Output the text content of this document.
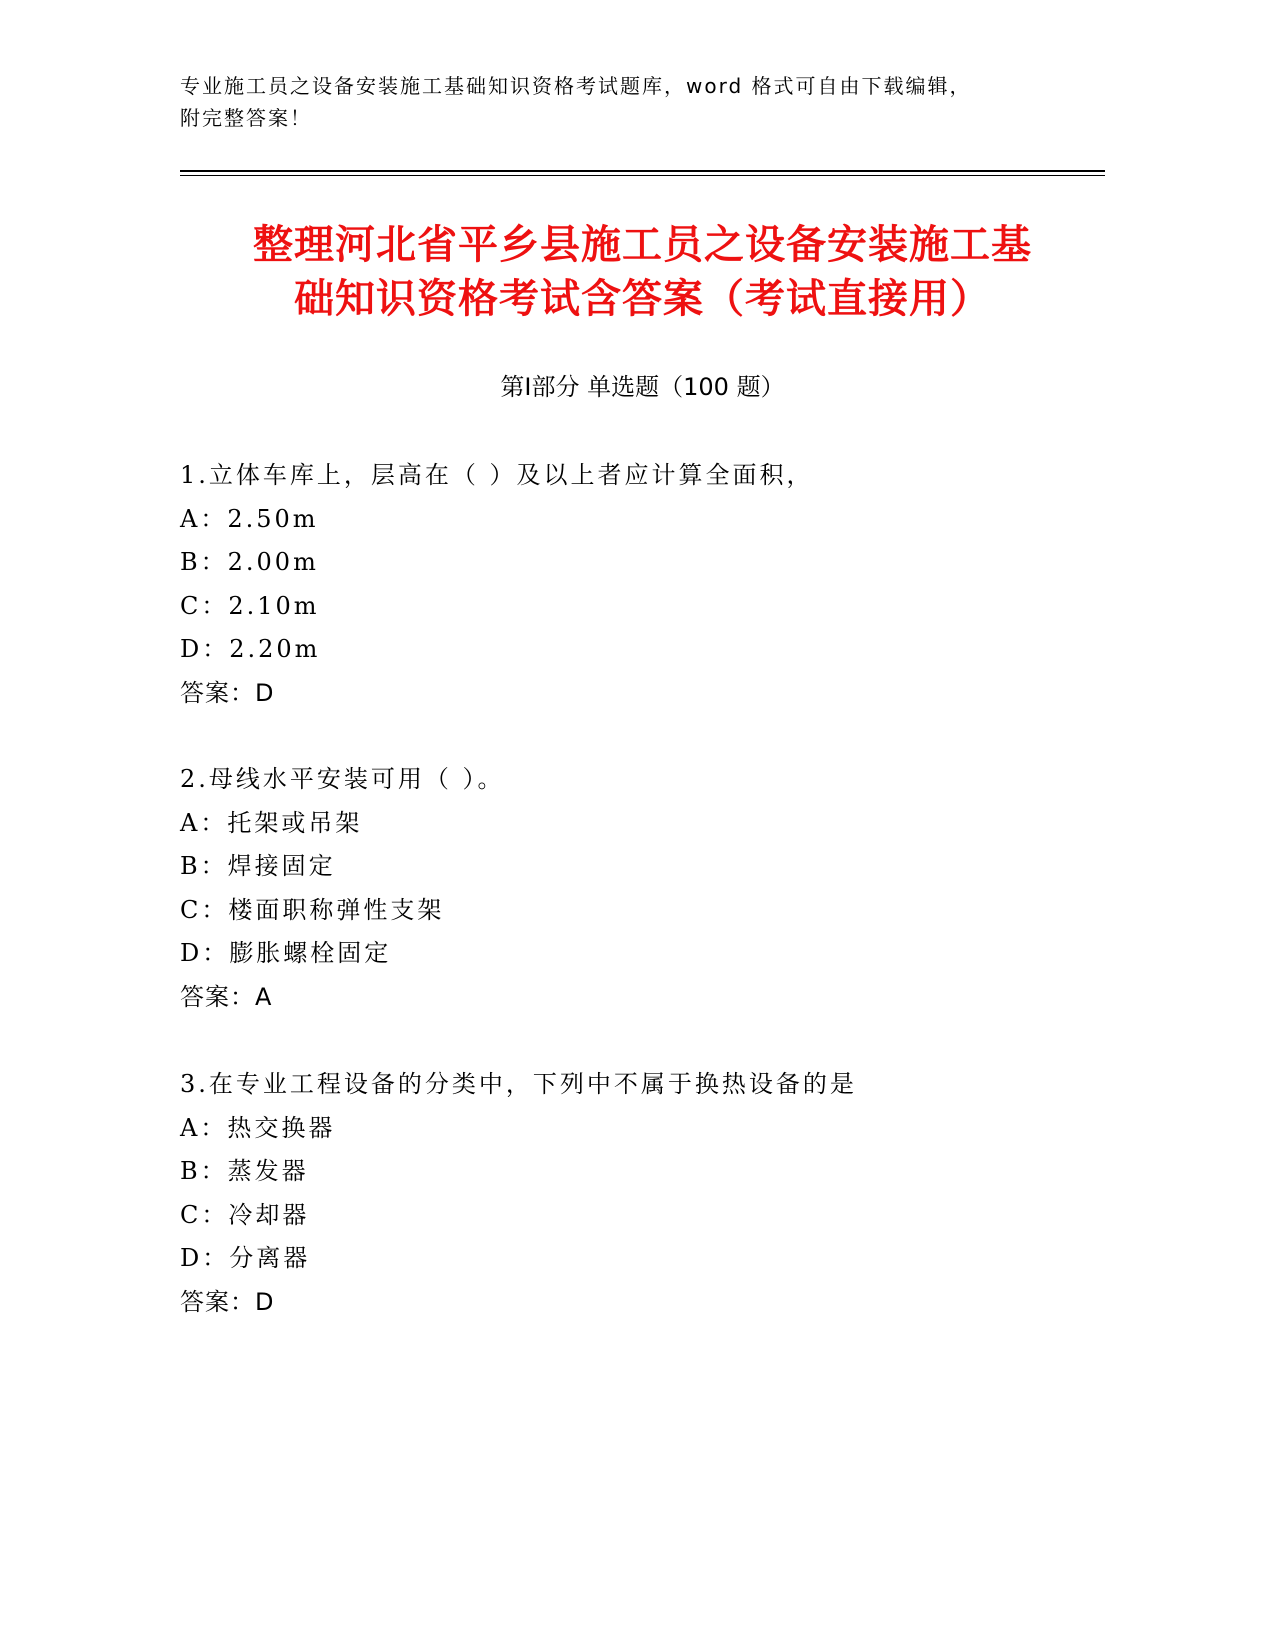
专业施工员之设备安装施工基础知识资格考试题库，word 格式可自由下载编辑，
附完整答案！
整理河北省平乡县施工员之设备安装施工基
础知识资格考试含答案（考试直接用）
第Ⅰ部分 单选题（100 题）
1.立体车库上，层高在（ ）及以上者应计算全面积，
A：2.50m
B：2.00m
C：2.10m
D：2.20m
答案：D
2.母线水平安装可用（ ）。
A：托架或吊架
B：焊接固定
C：楼面职称弹性支架
D：膨胀螺栓固定
答案：A
3.在专业工程设备的分类中，下列中不属于换热设备的是
A：热交换器
B：蒸发器
C：冷却器
D：分离器
答案：D
